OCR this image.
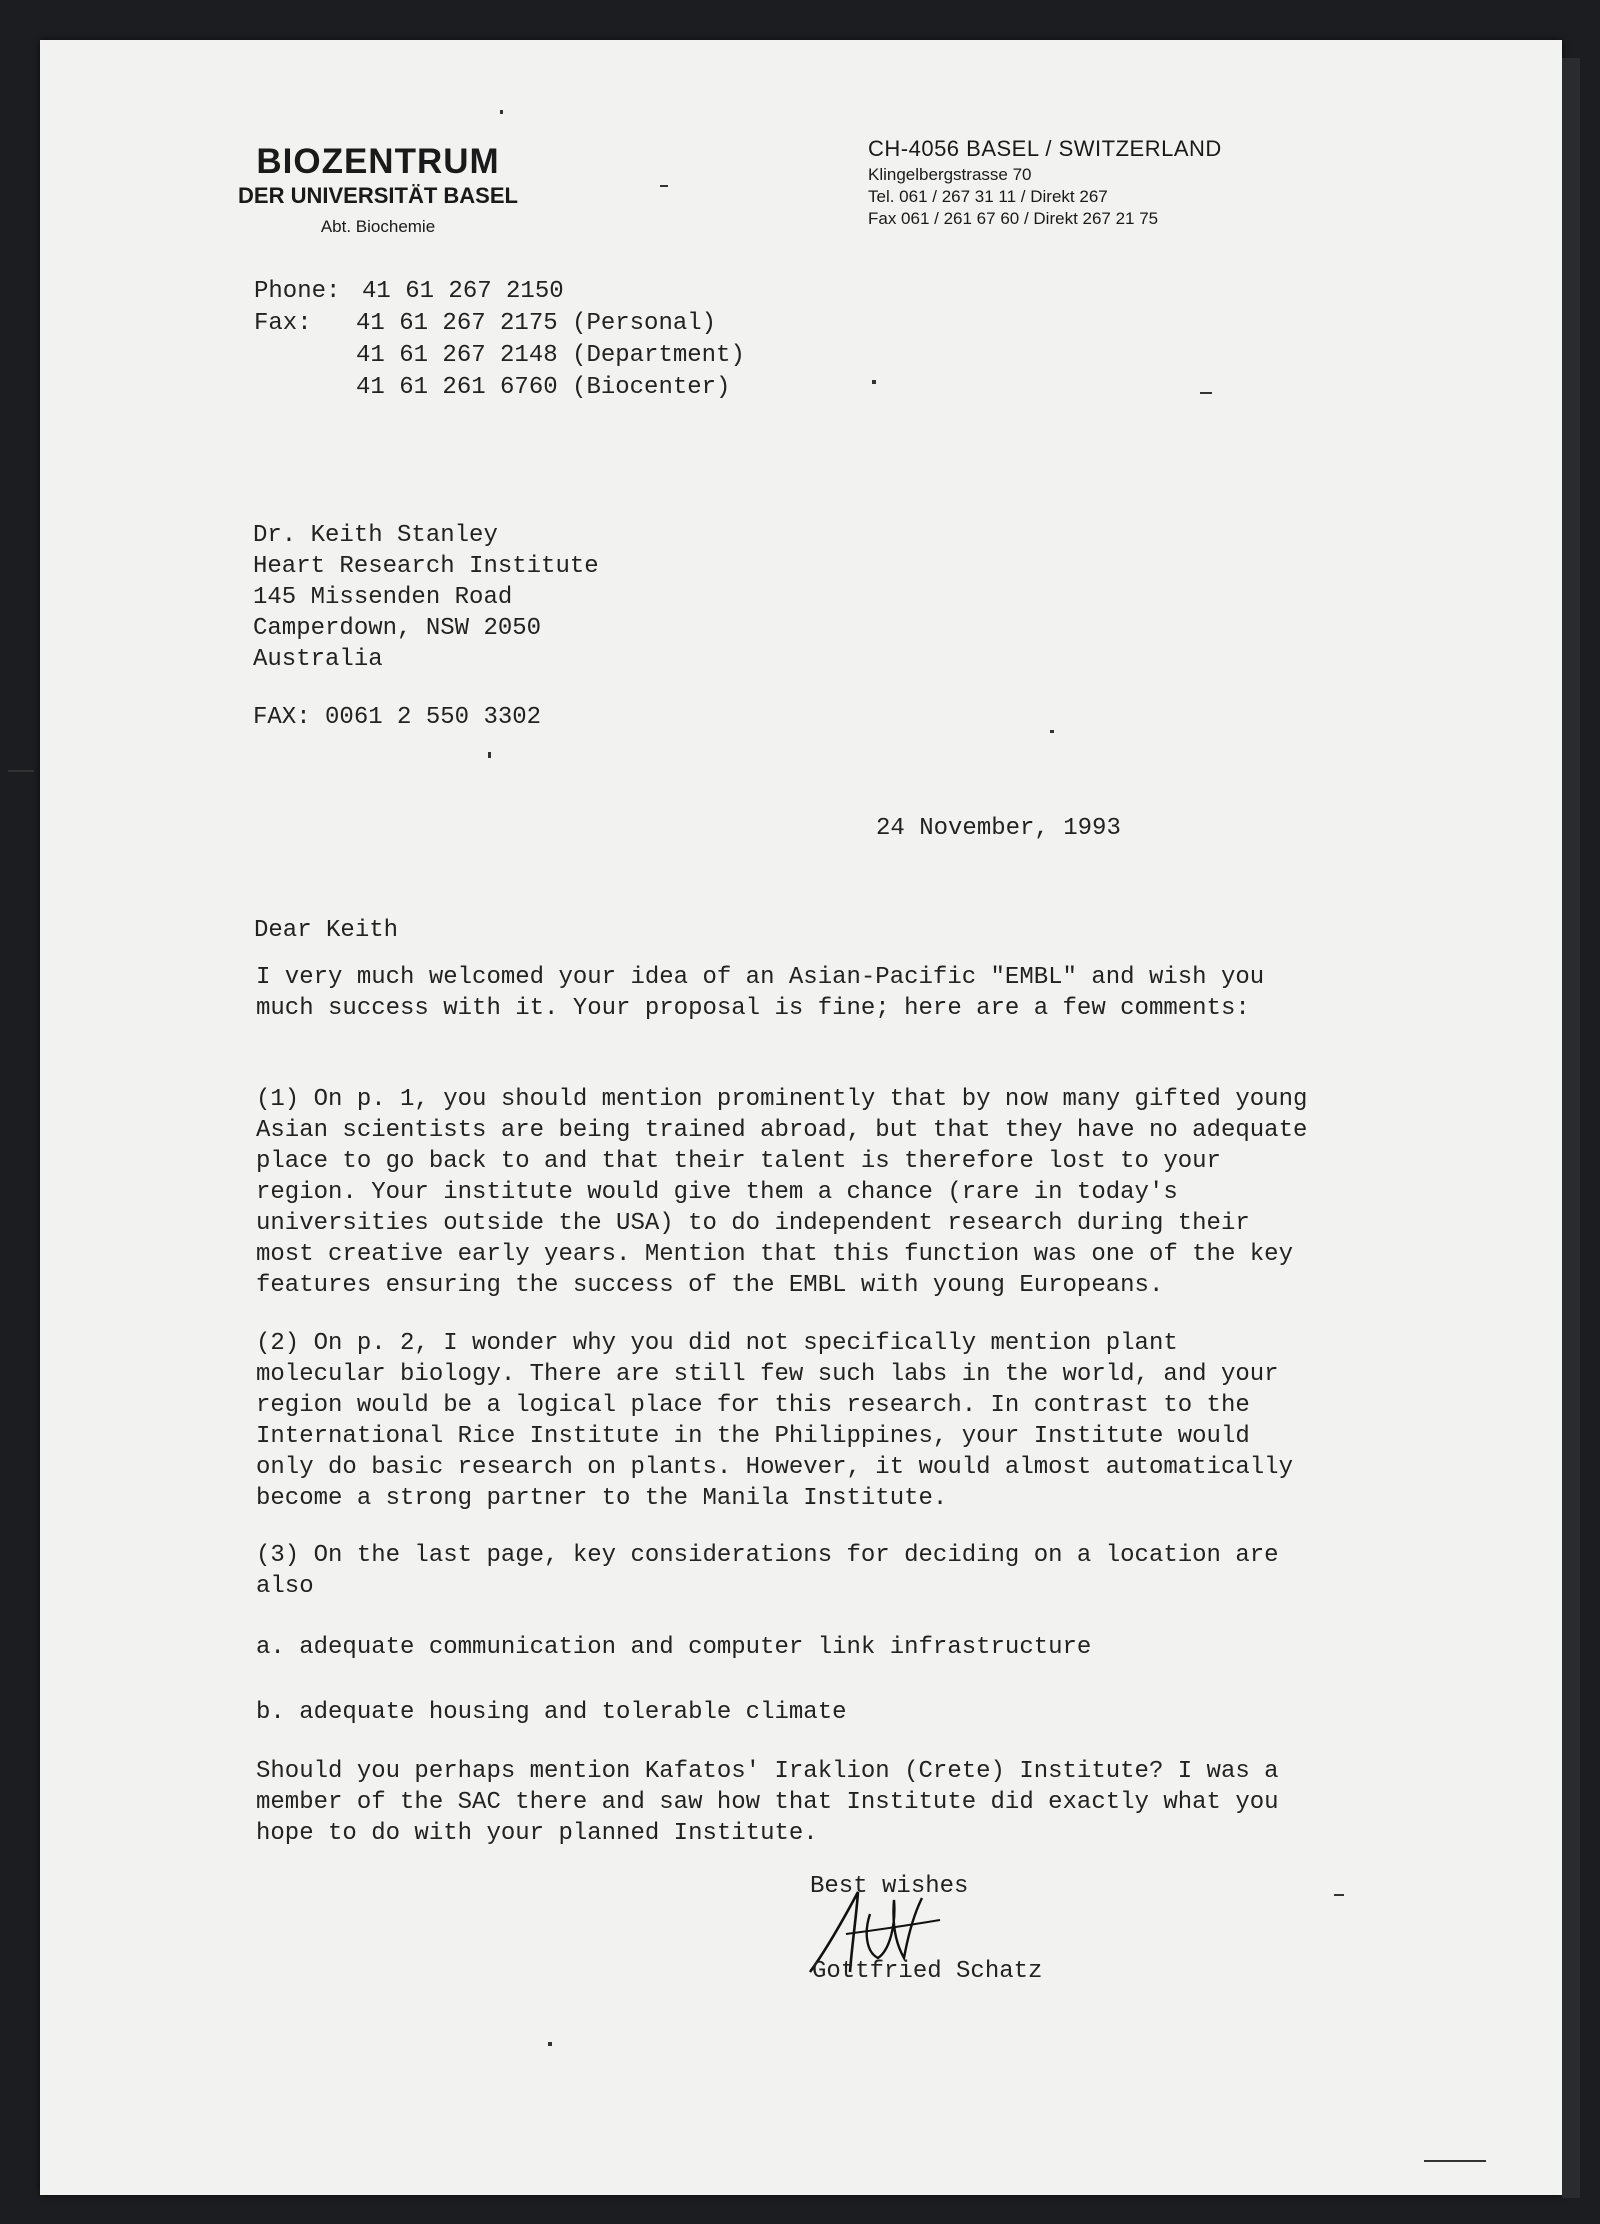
BIOZENTRUM
DER UNIVERSITÄT BASEL
Abt. Biochemie
CH-4056 BASEL / SWITZERLAND
Klingelbergstrasse 70
Tel. 061 / 267 31 11 / Direkt 267
Fax 061 / 261 67 60 / Direkt 267 21 75
Phone: 41 61 267 2150
Fax: 41 61 267 2175 (Personal)
41 61 267 2148 (Department)
41 61 261 6760 (Biocenter)
Dr. Keith Stanley
Heart Research Institute
145 Missenden Road
Camperdown, NSW 2050
Australia
FAX: 0061 2 550 3302
24 November, 1993
Dear Keith

I very much welcomed your idea of an Asian-Pacific "EMBL" and wish you much success with it. Your proposal is fine; here are a few comments:

(1) On p. 1, you should mention prominently that by now many gifted young Asian scientists are being trained abroad, but that they have no adequate place to go back to and that their talent is therefore lost to your region. Your institute would give them a chance (rare in today's universities outside the USA) to do independent research during their most creative early years. Mention that this function was one of the key features ensuring the success of the EMBL with young Europeans.

(2) On p. 2, I wonder why you did not specifically mention plant molecular biology. There are still few such labs in the world, and your region would be a logical place for this research. In contrast to the International Rice Institute in the Philippines, your Institute would only do basic research on plants. However, it would almost automatically become a strong partner to the Manila Institute.

(3) On the last page, key considerations for deciding on a location are also

a. adequate communication and computer link infrastructure

b. adequate housing and tolerable climate

Should you perhaps mention Kafatos' Iraklion (Crete) Institute? I was a member of the SAC there and saw how that Institute did exactly what you hope to do with your planned Institute.

Best wishes
Gottfried Schatz
